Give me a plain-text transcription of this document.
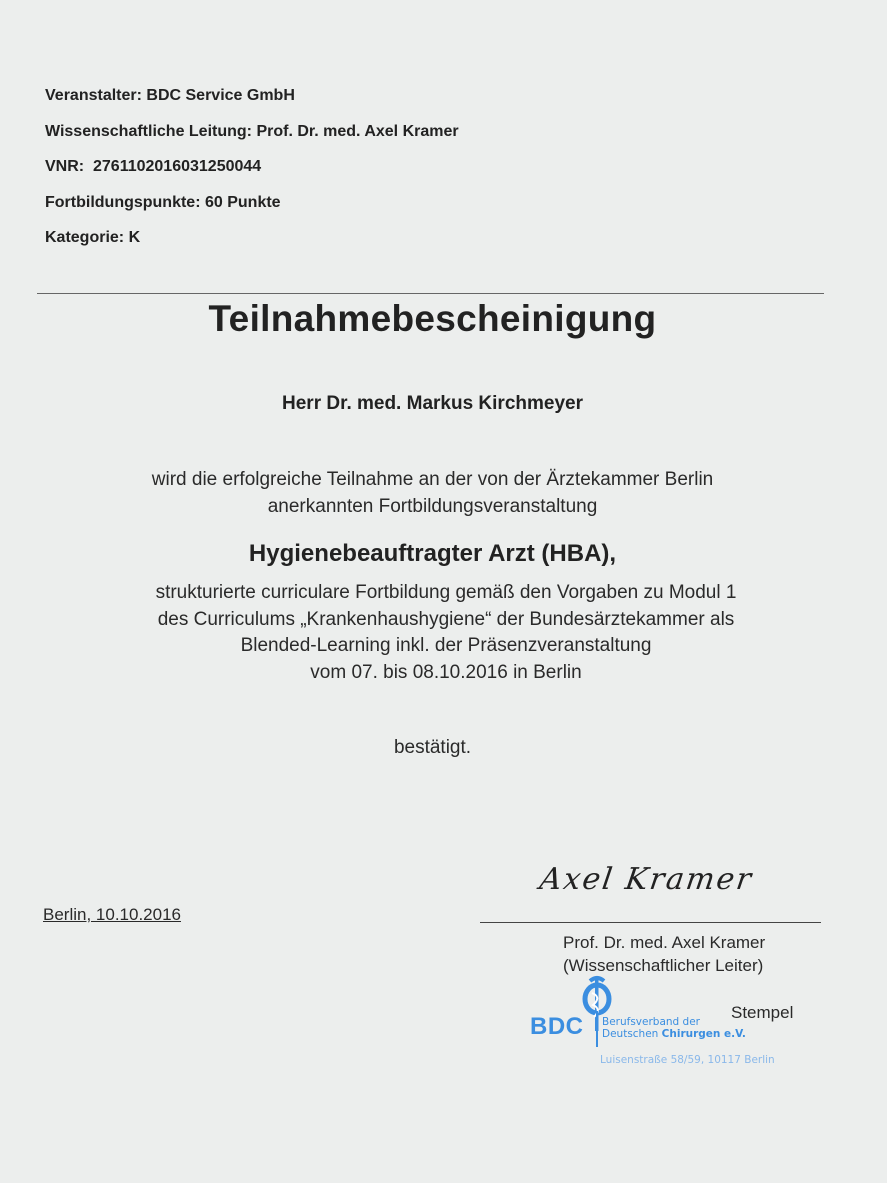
Veranstalter: BDC Service GmbH
Wissenschaftliche Leitung: Prof. Dr. med. Axel Kramer
VNR:  2761102016031250044
Fortbildungspunkte: 60 Punkte
Kategorie: K
Teilnahmebescheinigung
Herr Dr. med. Markus Kirchmeyer
wird die erfolgreiche Teilnahme an der von der Ärztekammer Berlin
anerkannten Fortbildungsveranstaltung
Hygienebeauftragter Arzt (HBA),
strukturierte curriculare Fortbildung gemäß den Vorgaben zu Modul 1
des Curriculums „Krankenhaushygiene“ der Bundesärztekammer als
Blended-Learning inkl. der Präsenzveranstaltung
vom 07. bis 08.10.2016 in Berlin
bestätigt.
Berlin, 10.10.2016
Axel Kramer
Prof. Dr. med. Axel Kramer
(Wissenschaftlicher Leiter)
Stempel
BDC Berufsverband der
Deutschen Chirurgen e.V.
Luisenstraße 58/59, 10117 Berlin
